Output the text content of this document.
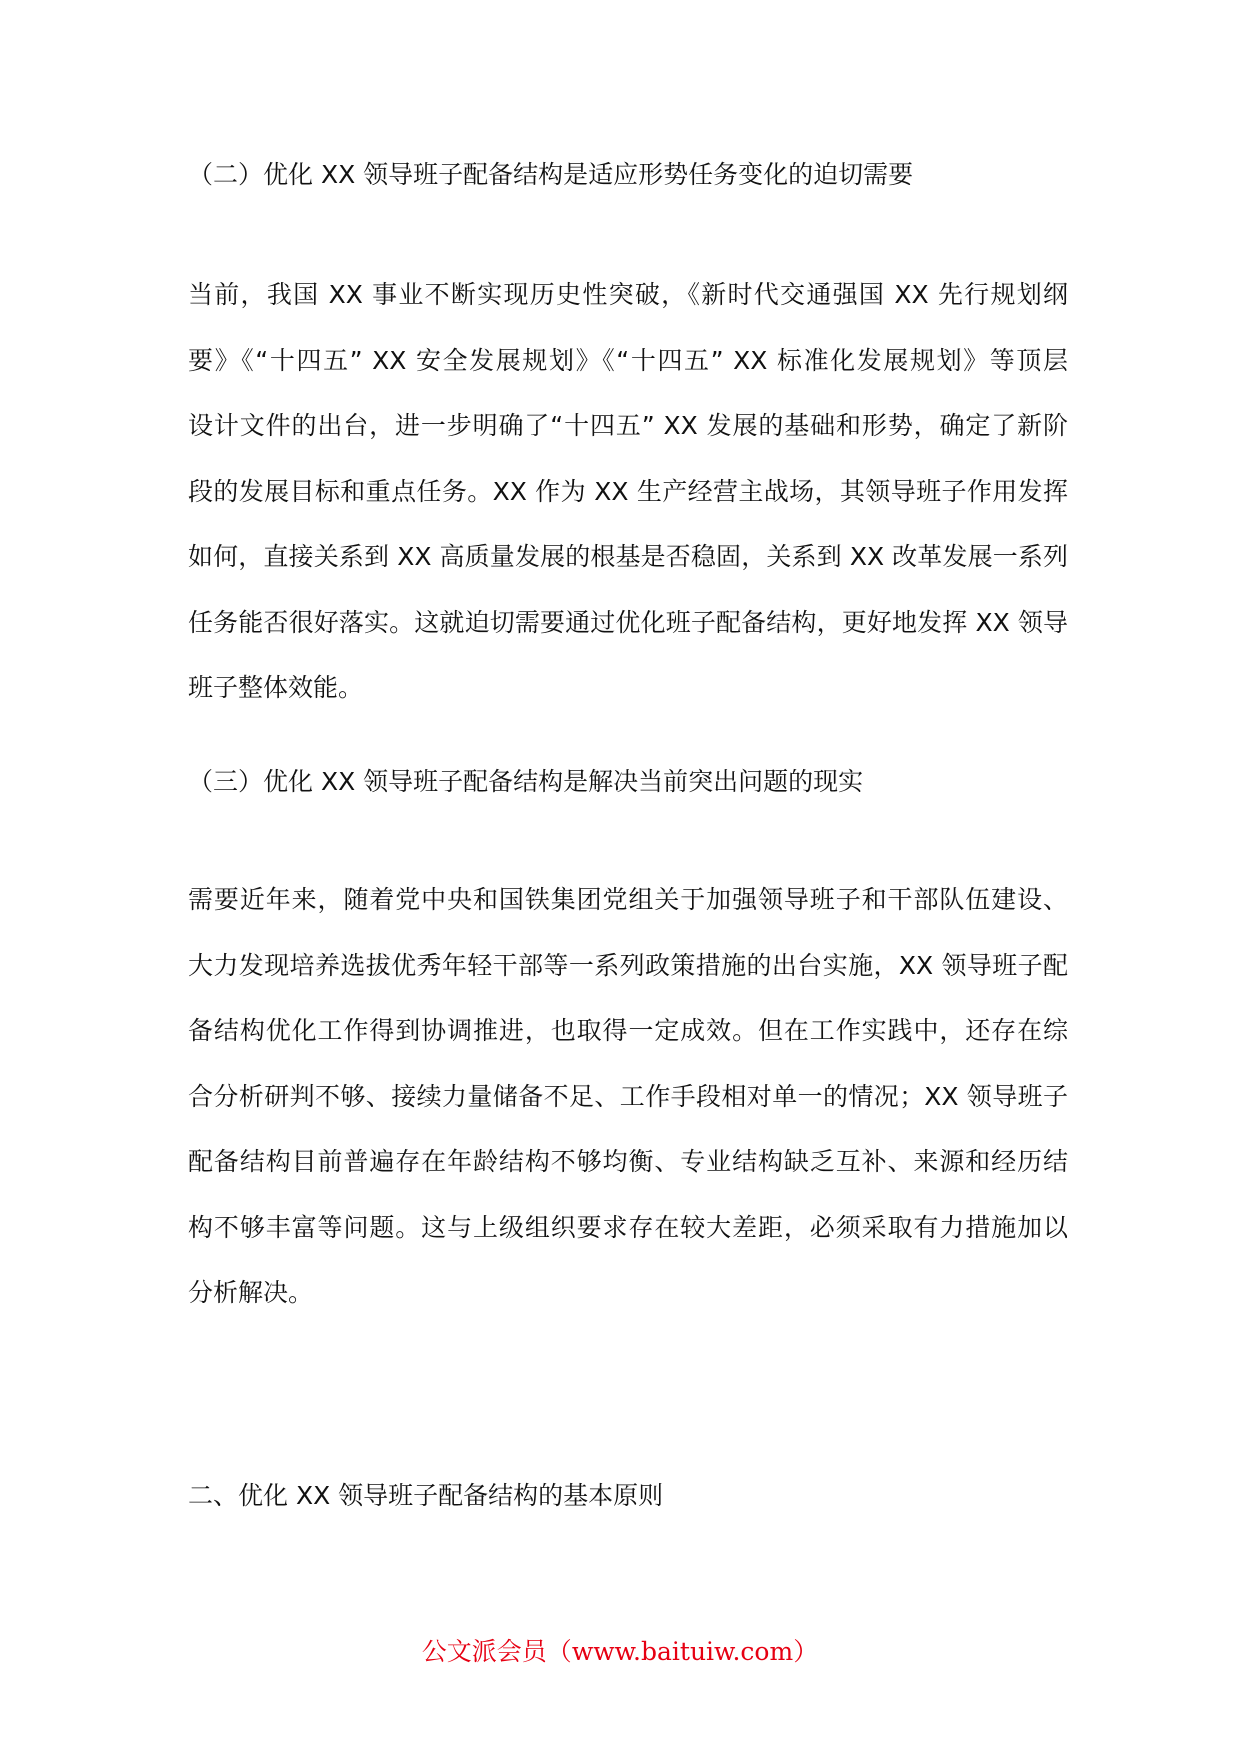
（二）优化 XX 领导班子配备结构是适应形势任务变化的迫切需要
当前，我国 XX 事业不断实现历史性突破，《新时代交通强国 XX 先行规划纲
要》《“十四五” XX 安全发展规划》《“十四五” XX 标准化发展规划》等顶层
设计文件的出台，进一步明确了“十四五” XX 发展的基础和形势，确定了新阶
段的发展目标和重点任务。XX 作为 XX 生产经营主战场，其领导班子作用发挥
如何，直接关系到 XX 高质量发展的根基是否稳固，关系到 XX 改革发展一系列
任务能否很好落实。这就迫切需要通过优化班子配备结构，更好地发挥 XX 领导
班子整体效能。
（三）优化 XX 领导班子配备结构是解决当前突出问题的现实
需要近年来，随着党中央和国铁集团党组关于加强领导班子和干部队伍建设、
大力发现培养选拔优秀年轻干部等一系列政策措施的出台实施，XX 领导班子配
备结构优化工作得到协调推进，也取得一定成效。但在工作实践中，还存在综
合分析研判不够、接续力量储备不足、工作手段相对单一的情况；XX 领导班子
配备结构目前普遍存在年龄结构不够均衡、专业结构缺乏互补、来源和经历结
构不够丰富等问题。这与上级组织要求存在较大差距，必须采取有力措施加以
分析解决。
二、优化 XX 领导班子配备结构的基本原则
公文派会员（www.baituiw.com）
